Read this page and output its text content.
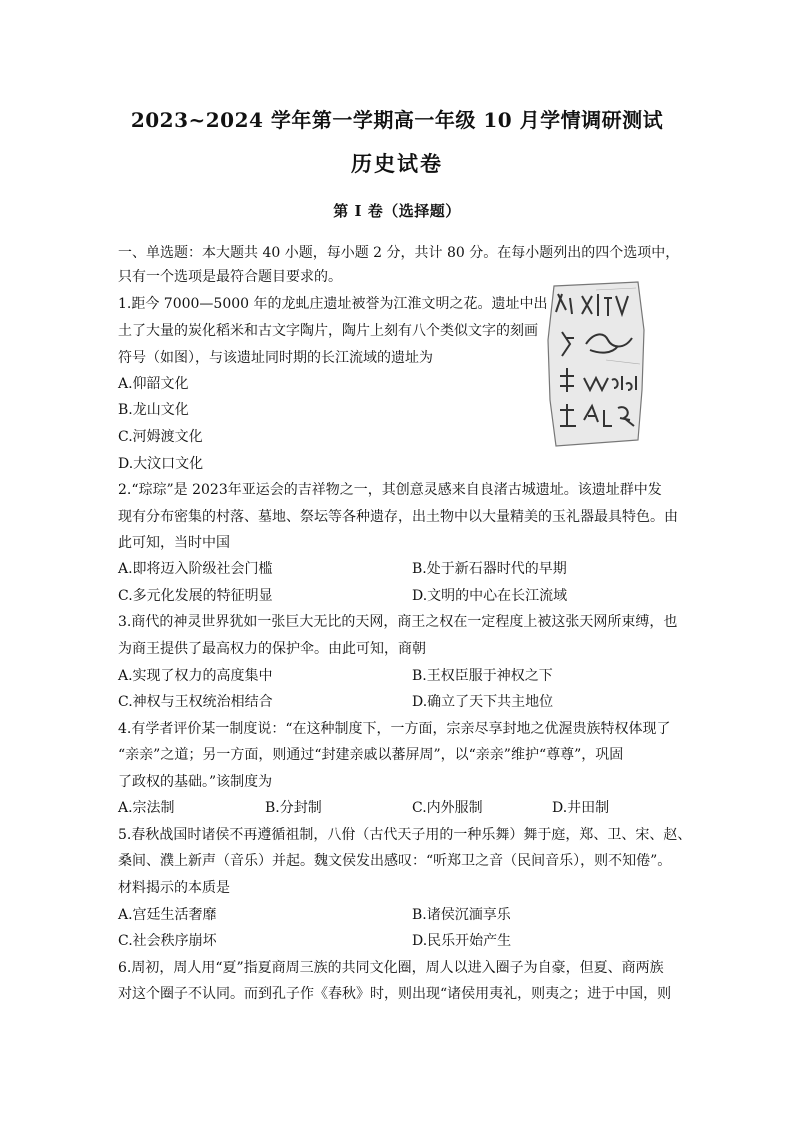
2023~2024 学年第一学期高一年级 10 月学情调研测试
历史试卷
第 I 卷（选择题）
一、单选题：本大题共 40 小题，每小题 2 分，共计 80 分。在每小题列出的四个选项中，
只有一个选项是最符合题目要求的。
1.距今 7000—5000 年的龙虬庄遗址被誉为江淮文明之花。遗址中出
土了大量的炭化稻米和古文字陶片，陶片上刻有八个类似文字的刻画
符号（如图），与该遗址同时期的长江流域的遗址为
A.仰韶文化
B.龙山文化
C.河姆渡文化
D.大汶口文化
2.“琮琮”是 2023年亚运会的吉祥物之一，其创意灵感来自良渚古城遗址。该遗址群中发
现有分布密集的村落、墓地、祭坛等各种遗存，出土物中以大量精美的玉礼器最具特色。由
此可知，当时中国
A.即将迈入阶级社会门槛	B.处于新石器时代的早期
C.多元化发展的特征明显	D.文明的中心在长江流域
3.商代的神灵世界犹如一张巨大无比的天网，商王之权在一定程度上被这张天网所束缚，也
为商王提供了最高权力的保护伞。由此可知，商朝
A.实现了权力的高度集中	B.王权臣服于神权之下
C.神权与王权统治相结合	D.确立了天下共主地位
4.有学者评价某一制度说：“在这种制度下，一方面，宗亲尽享封地之优渥贵族特权体现了
“亲亲”之道；另一方面，则通过“封建亲戚以蕃屏周”，以“亲亲”维护“尊尊”，巩固
了政权的基础。”该制度为
A.宗法制	B.分封制	C.内外服制	D.井田制
5.春秋战国时诸侯不再遵循祖制，八佾（古代天子用的一种乐舞）舞于庭，郑、卫、宋、赵、
桑间、濮上新声（音乐）并起。魏文侯发出感叹：“听郑卫之音（民间音乐），则不知倦”。
材料揭示的本质是
A.宫廷生活奢靡	B.诸侯沉湎享乐
C.社会秩序崩坏	D.民乐开始产生
6.周初，周人用“夏”指夏商周三族的共同文化圈，周人以进入圈子为自豪，但夏、商两族
对这个圈子不认同。而到孔子作《春秋》时，则出现“诸侯用夷礼，则夷之；进于中国，则
